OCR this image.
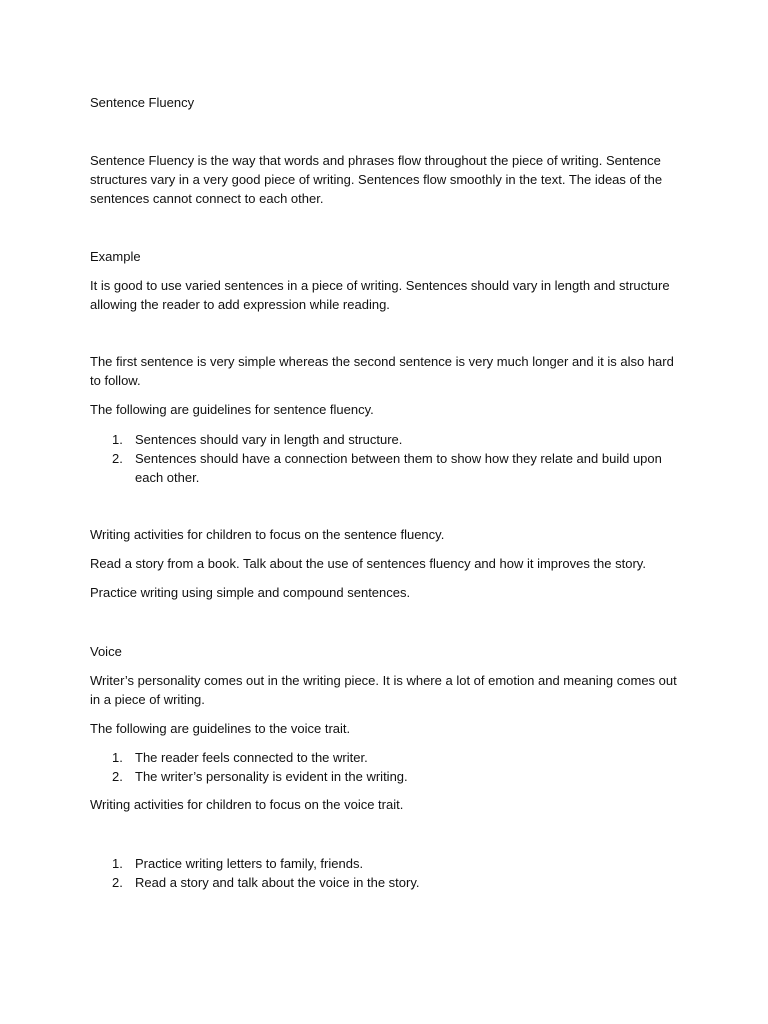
Sentence Fluency

Sentence Fluency is the way that words and phrases flow throughout the piece of writing. Sentence structures vary in a very good piece of writing. Sentences flow smoothly in the text. The ideas of the sentences cannot connect to each other.

Example

It is good to use varied sentences in a piece of writing. Sentences should vary in length and structure allowing the reader to add expression while reading.

The first sentence is very simple whereas the second sentence is very much longer and it is also hard to follow.

The following are guidelines for sentence fluency.

1. Sentences should vary in length and structure.
2. Sentences should have a connection between them to show how they relate and build upon each other.

Writing activities for children to focus on the sentence fluency.

Read a story from a book. Talk about the use of sentences fluency and how it improves the story.

Practice writing using simple and compound sentences.

Voice

Writer’s personality comes out in the writing piece. It is where a lot of emotion and meaning comes out in a piece of writing.

The following are guidelines to the voice trait.

1. The reader feels connected to the writer.
2. The writer’s personality is evident in the writing.

Writing activities for children to focus on the voice trait.

1. Practice writing letters to family, friends.
2. Read a story and talk about the voice in the story.
